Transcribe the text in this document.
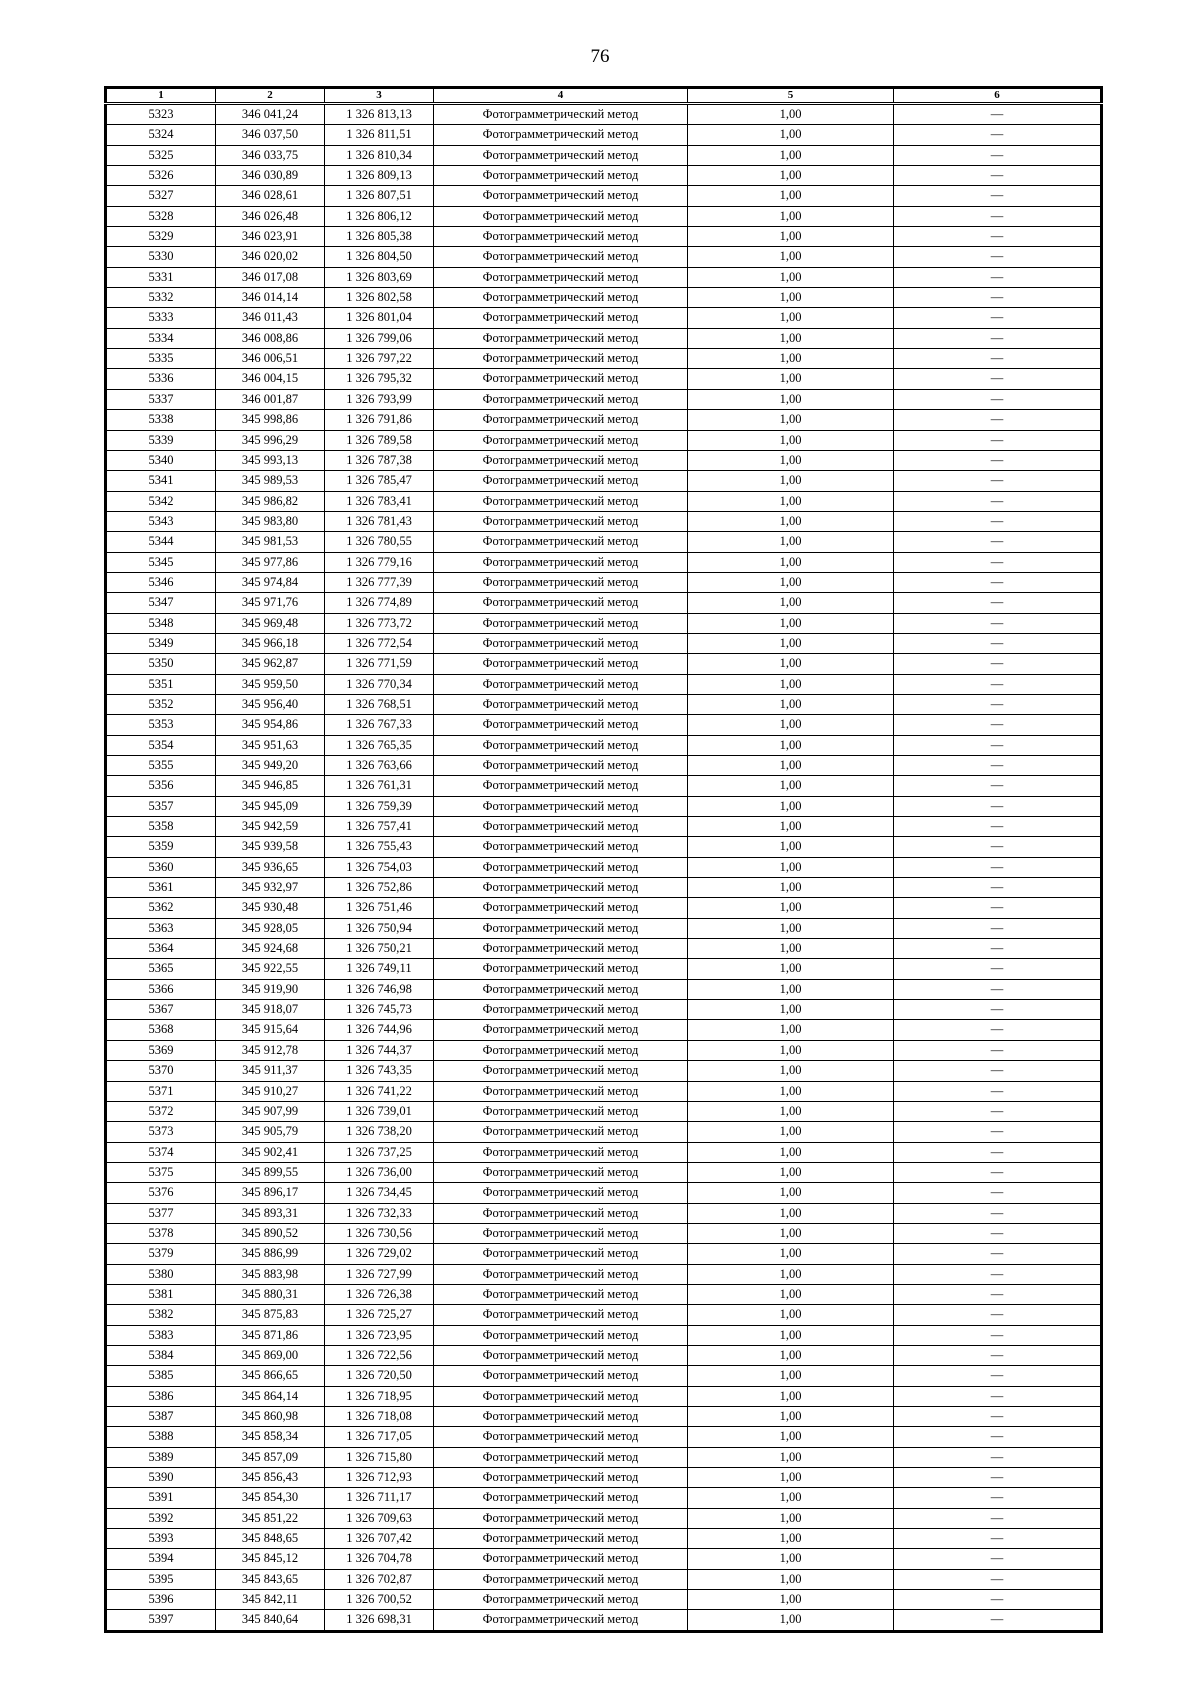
76
1	2	3	4	5	6
5323	346 041,24	1 326 813,13	Фотограмметрический метод	1,00	—
5324	346 037,50	1 326 811,51	Фотограмметрический метод	1,00	—
5325	346 033,75	1 326 810,34	Фотограмметрический метод	1,00	—
5326	346 030,89	1 326 809,13	Фотограмметрический метод	1,00	—
5327	346 028,61	1 326 807,51	Фотограмметрический метод	1,00	—
5328	346 026,48	1 326 806,12	Фотограмметрический метод	1,00	—
5329	346 023,91	1 326 805,38	Фотограмметрический метод	1,00	—
5330	346 020,02	1 326 804,50	Фотограмметрический метод	1,00	—
5331	346 017,08	1 326 803,69	Фотограмметрический метод	1,00	—
5332	346 014,14	1 326 802,58	Фотограмметрический метод	1,00	—
5333	346 011,43	1 326 801,04	Фотограмметрический метод	1,00	—
5334	346 008,86	1 326 799,06	Фотограмметрический метод	1,00	—
5335	346 006,51	1 326 797,22	Фотограмметрический метод	1,00	—
5336	346 004,15	1 326 795,32	Фотограмметрический метод	1,00	—
5337	346 001,87	1 326 793,99	Фотограмметрический метод	1,00	—
5338	345 998,86	1 326 791,86	Фотограмметрический метод	1,00	—
5339	345 996,29	1 326 789,58	Фотограмметрический метод	1,00	—
5340	345 993,13	1 326 787,38	Фотограмметрический метод	1,00	—
5341	345 989,53	1 326 785,47	Фотограмметрический метод	1,00	—
5342	345 986,82	1 326 783,41	Фотограмметрический метод	1,00	—
5343	345 983,80	1 326 781,43	Фотограмметрический метод	1,00	—
5344	345 981,53	1 326 780,55	Фотограмметрический метод	1,00	—
5345	345 977,86	1 326 779,16	Фотограмметрический метод	1,00	—
5346	345 974,84	1 326 777,39	Фотограмметрический метод	1,00	—
5347	345 971,76	1 326 774,89	Фотограмметрический метод	1,00	—
5348	345 969,48	1 326 773,72	Фотограмметрический метод	1,00	—
5349	345 966,18	1 326 772,54	Фотограмметрический метод	1,00	—
5350	345 962,87	1 326 771,59	Фотограмметрический метод	1,00	—
5351	345 959,50	1 326 770,34	Фотограмметрический метод	1,00	—
5352	345 956,40	1 326 768,51	Фотограмметрический метод	1,00	—
5353	345 954,86	1 326 767,33	Фотограмметрический метод	1,00	—
5354	345 951,63	1 326 765,35	Фотограмметрический метод	1,00	—
5355	345 949,20	1 326 763,66	Фотограмметрический метод	1,00	—
5356	345 946,85	1 326 761,31	Фотограмметрический метод	1,00	—
5357	345 945,09	1 326 759,39	Фотограмметрический метод	1,00	—
5358	345 942,59	1 326 757,41	Фотограмметрический метод	1,00	—
5359	345 939,58	1 326 755,43	Фотограмметрический метод	1,00	—
5360	345 936,65	1 326 754,03	Фотограмметрический метод	1,00	—
5361	345 932,97	1 326 752,86	Фотограмметрический метод	1,00	—
5362	345 930,48	1 326 751,46	Фотограмметрический метод	1,00	—
5363	345 928,05	1 326 750,94	Фотограмметрический метод	1,00	—
5364	345 924,68	1 326 750,21	Фотограмметрический метод	1,00	—
5365	345 922,55	1 326 749,11	Фотограмметрический метод	1,00	—
5366	345 919,90	1 326 746,98	Фотограмметрический метод	1,00	—
5367	345 918,07	1 326 745,73	Фотограмметрический метод	1,00	—
5368	345 915,64	1 326 744,96	Фотограмметрический метод	1,00	—
5369	345 912,78	1 326 744,37	Фотограмметрический метод	1,00	—
5370	345 911,37	1 326 743,35	Фотограмметрический метод	1,00	—
5371	345 910,27	1 326 741,22	Фотограмметрический метод	1,00	—
5372	345 907,99	1 326 739,01	Фотограмметрический метод	1,00	—
5373	345 905,79	1 326 738,20	Фотограмметрический метод	1,00	—
5374	345 902,41	1 326 737,25	Фотограмметрический метод	1,00	—
5375	345 899,55	1 326 736,00	Фотограмметрический метод	1,00	—
5376	345 896,17	1 326 734,45	Фотограмметрический метод	1,00	—
5377	345 893,31	1 326 732,33	Фотограмметрический метод	1,00	—
5378	345 890,52	1 326 730,56	Фотограмметрический метод	1,00	—
5379	345 886,99	1 326 729,02	Фотограмметрический метод	1,00	—
5380	345 883,98	1 326 727,99	Фотограмметрический метод	1,00	—
5381	345 880,31	1 326 726,38	Фотограмметрический метод	1,00	—
5382	345 875,83	1 326 725,27	Фотограмметрический метод	1,00	—
5383	345 871,86	1 326 723,95	Фотограмметрический метод	1,00	—
5384	345 869,00	1 326 722,56	Фотограмметрический метод	1,00	—
5385	345 866,65	1 326 720,50	Фотограмметрический метод	1,00	—
5386	345 864,14	1 326 718,95	Фотограмметрический метод	1,00	—
5387	345 860,98	1 326 718,08	Фотограмметрический метод	1,00	—
5388	345 858,34	1 326 717,05	Фотограмметрический метод	1,00	—
5389	345 857,09	1 326 715,80	Фотограмметрический метод	1,00	—
5390	345 856,43	1 326 712,93	Фотограмметрический метод	1,00	—
5391	345 854,30	1 326 711,17	Фотограмметрический метод	1,00	—
5392	345 851,22	1 326 709,63	Фотограмметрический метод	1,00	—
5393	345 848,65	1 326 707,42	Фотограмметрический метод	1,00	—
5394	345 845,12	1 326 704,78	Фотограмметрический метод	1,00	—
5395	345 843,65	1 326 702,87	Фотограмметрический метод	1,00	—
5396	345 842,11	1 326 700,52	Фотограмметрический метод	1,00	—
5397	345 840,64	1 326 698,31	Фотограмметрический метод	1,00	—
